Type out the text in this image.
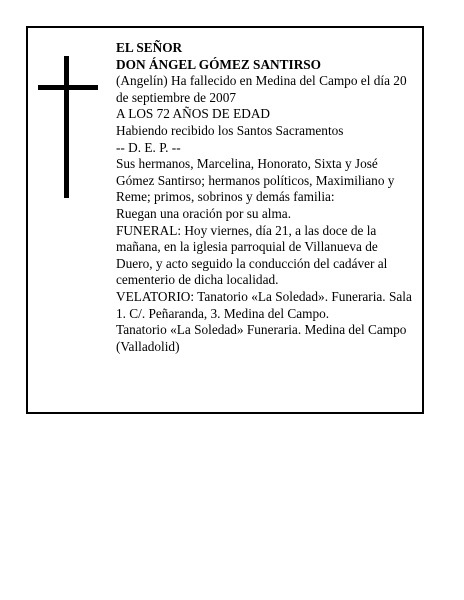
EL SEÑOR

DON ÁNGEL GÓMEZ SANTIRSO

(Angelín) Ha fallecido en Medina del Campo el día 20 de septiembre de 2007

A LOS 72 AÑOS DE EDAD

Habiendo recibido los Santos Sacramentos

-- D. E. P. --

Sus hermanos, Marcelina, Honorato, Sixta y José Gómez Santirso; hermanos políticos, Maximiliano y Reme; primos, sobrinos y demás familia:

Ruegan una oración por su alma.

FUNERAL: Hoy viernes, día 21, a las doce de la mañana, en la iglesia parroquial de Villanueva de Duero, y acto seguido la conducción del cadáver al cementerio de dicha localidad.

VELATORIO: Tanatorio «La Soledad». Funeraria. Sala 1. C/. Peñaranda, 3. Medina del Campo.

Tanatorio «La Soledad» Funeraria. Medina del Campo (Valladolid)
